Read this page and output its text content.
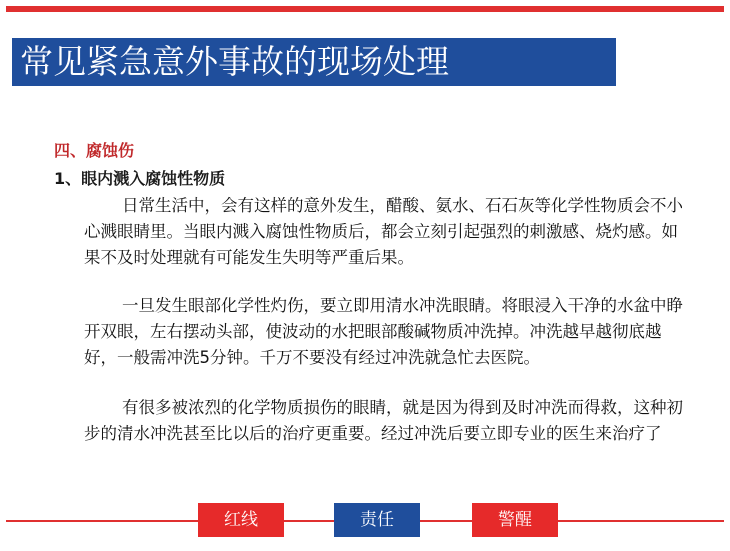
常见紧急意外事故的现场处理
四、腐蚀伤
1、眼内溅入腐蚀性物质

日常生活中，会有这样的意外发生，醋酸、氨水、石石灰等化学性物质会不小心溅眼睛里。当眼内溅入腐蚀性物质后，都会立刻引起强烈的刺激感、烧灼感。如果不及时处理就有可能发生失明等严重后果。

一旦发生眼部化学性灼伤，要立即用清水冲洗眼睛。将眼浸入干净的水盆中睁开双眼，左右摆动头部，使波动的水把眼部酸碱物质冲洗掉。冲洗越早越彻底越好，一般需冲洗5分钟。千万不要没有经过冲洗就急忙去医院。

有很多被浓烈的化学物质损伤的眼睛，就是因为得到及时冲洗而得救，这种初步的清水冲洗甚至比以后的治疗更重要。经过冲洗后要立即专业的医生来治疗了

红线	责任	警醒
